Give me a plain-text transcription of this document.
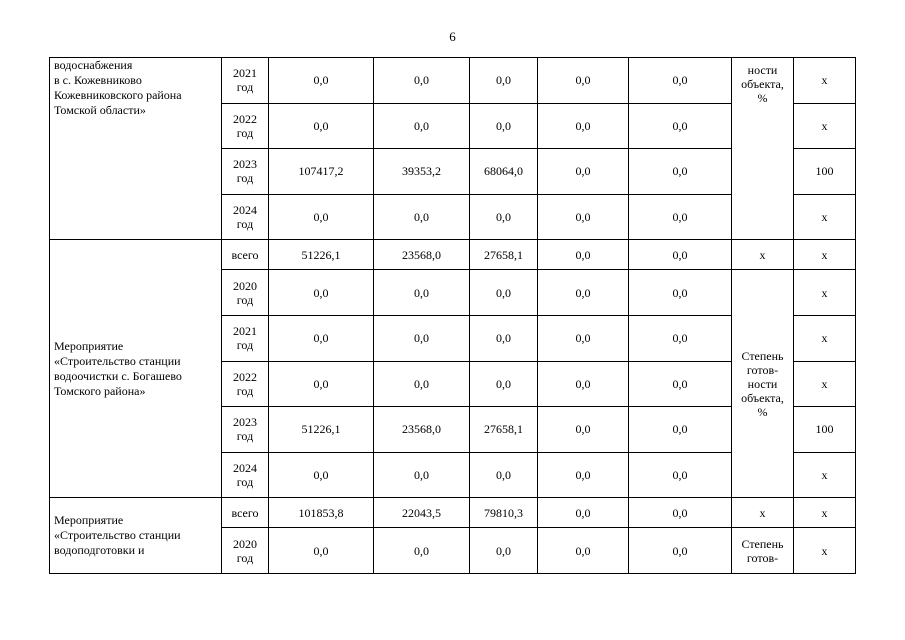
6
водоснабжения
в с. Кожевниково
Кожевниковского района
Томской области»	2021
год	0,0	0,0	0,0	0,0	0,0	ности
объекта,
%	х
	2022
год	0,0	0,0	0,0	0,0	0,0		х
	2023
год	107417,2	39353,2	68064,0	0,0	0,0		100
	2024
год	0,0	0,0	0,0	0,0	0,0		х
Мероприятие
«Строительство станции
водоочистки с. Богашево
Томского района»	всего	51226,1	23568,0	27658,1	0,0	0,0	х	х
	2020
год	0,0	0,0	0,0	0,0	0,0	Степень
готов-
ности
объекта,
%	х
	2021
год	0,0	0,0	0,0	0,0	0,0		х
	2022
год	0,0	0,0	0,0	0,0	0,0		х
	2023
год	51226,1	23568,0	27658,1	0,0	0,0		100
	2024
год	0,0	0,0	0,0	0,0	0,0		х
Мероприятие
«Строительство станции
водоподготовки и	всего	101853,8	22043,5	79810,3	0,0	0,0	х	х
	2020
год	0,0	0,0	0,0	0,0	0,0	Степень
готов-	х
